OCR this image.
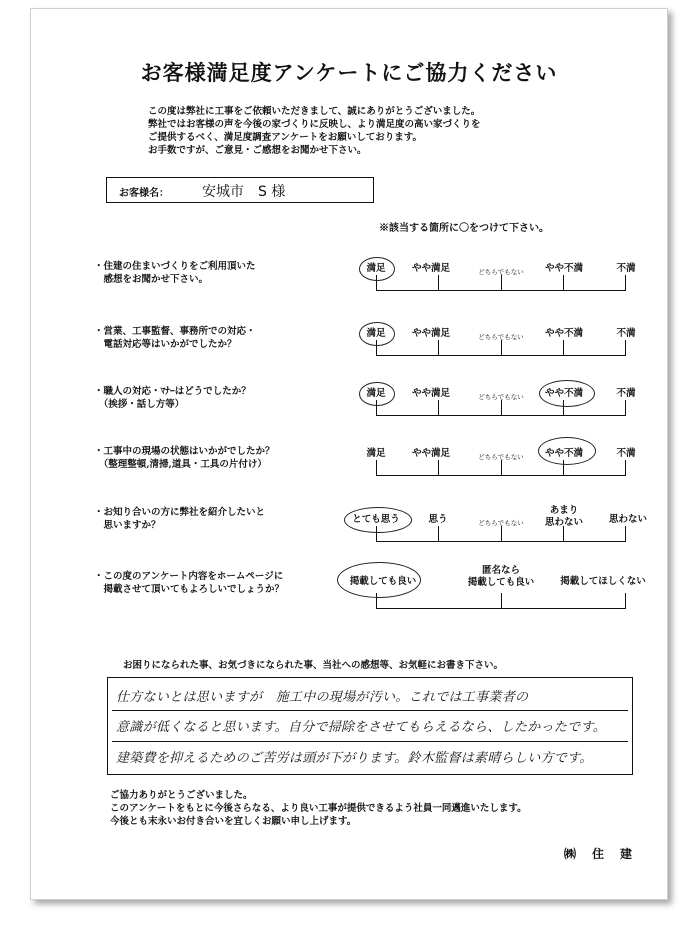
お客様満足度アンケートにご協力ください
この度は弊社に工事をご依頼いただきまして、誠にありがとうございました。
弊社ではお客様の声を今後の家づくりに反映し、より満足度の高い家づくりを
ご提供するべく、満足度調査アンケートをお願いしております。
お手数ですが、ご意見・ご感想をお聞かせ下さい。
お客様名： 安城市　S 様
※該当する箇所に〇をつけて下さい。
・住建の住まいづくりをご利用頂いた
　感想をお聞かせ下さい。
満足	やや満足	どちらでもない やや不満	不満
・営業、工事監督、事務所での対応・
　電話対応等はいかがでしたか？
満足	やや満足	どちらでもない やや不満	不満
・職人の対応・ﾏﾅｰはどうでしたか？
　（挨拶・話し方等）
満足	やや満足	どちらでもない やや不満	不満
・工事中の現場の状態はいかがでしたか？
　（整理整頓,清掃,道具・工具の片付け）
満足	やや満足	どちらでもない やや不満	不満
・お知り合いの方に弊社を紹介したいと
　思いますか？
とても思う	思う	どちらでもない
あまり
思わない	思わない
・この度のアンケート内容をホームページに
　掲載させて頂いてもよろしいでしょうか？
掲載しても良い
匿名なら
掲載しても良い	掲載してほしくない
お困りになられた事、お気づきになられた事、当社への感想等、お気軽にお書き下さい。
仕方ないとは思いますが　施工中の現場が汚い。これでは工事業者の
意識が低くなると思います。自分で掃除をさせてもらえるなら、したかったです。
建築費を抑えるためのご苦労は頭が下がります。鈴木監督は素晴らしい方です。
ご協力ありがとうございました。
このアンケートをもとに今後さらなる、より良い工事が提供できるよう社員一同邁進いたします。
今後とも末永いお付き合いを宜しくお願い申し上げます。
㈱　住　建
